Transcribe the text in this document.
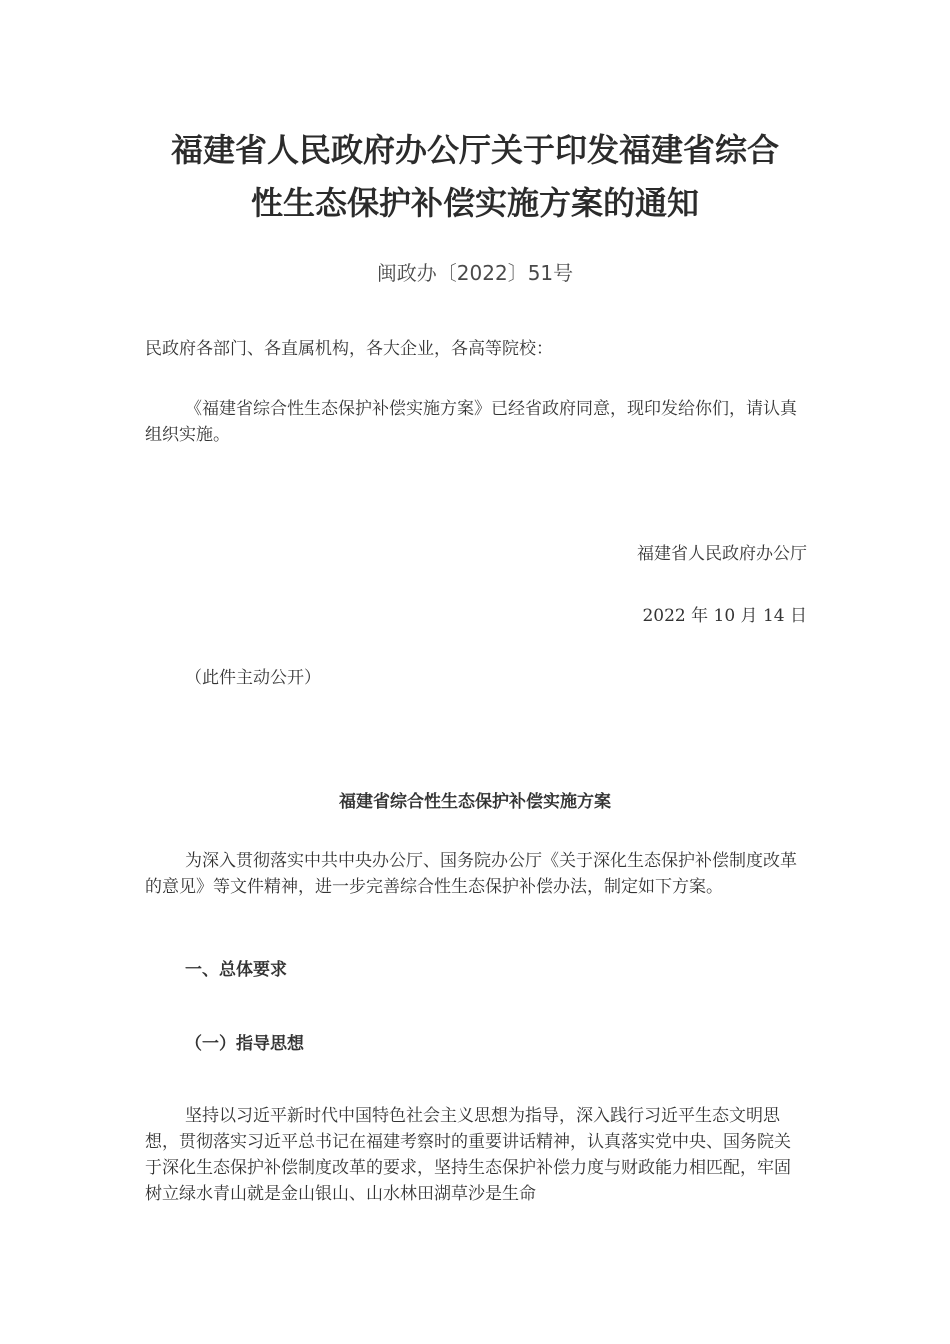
福建省人民政府办公厅关于印发福建省综合
性生态保护补偿实施方案的通知
闽政办〔2022〕51号

民政府各部门、各直属机构，各大企业，各高等院校：

《福建省综合性生态保护补偿实施方案》已经省政府同意，现印发给你们，请认真组织实施。

福建省人民政府办公厅
2022 年 10 月 14 日

（此件主动公开）

福建省综合性生态保护补偿实施方案

为深入贯彻落实中共中央办公厅、国务院办公厅《关于深化生态保护补偿制度改革的意见》等文件精神，进一步完善综合性生态保护补偿办法，制定如下方案。

一、总体要求
（一）指导思想

坚持以习近平新时代中国特色社会主义思想为指导，深入践行习近平生态文明思想，贯彻落实习近平总书记在福建考察时的重要讲话精神，认真落实党中央、国务院关于深化生态保护补偿制度改革的要求，坚持生态保护补偿力度与财政能力相匹配，牢固树立绿水青山就是金山银山、山水林田湖草沙是生命
